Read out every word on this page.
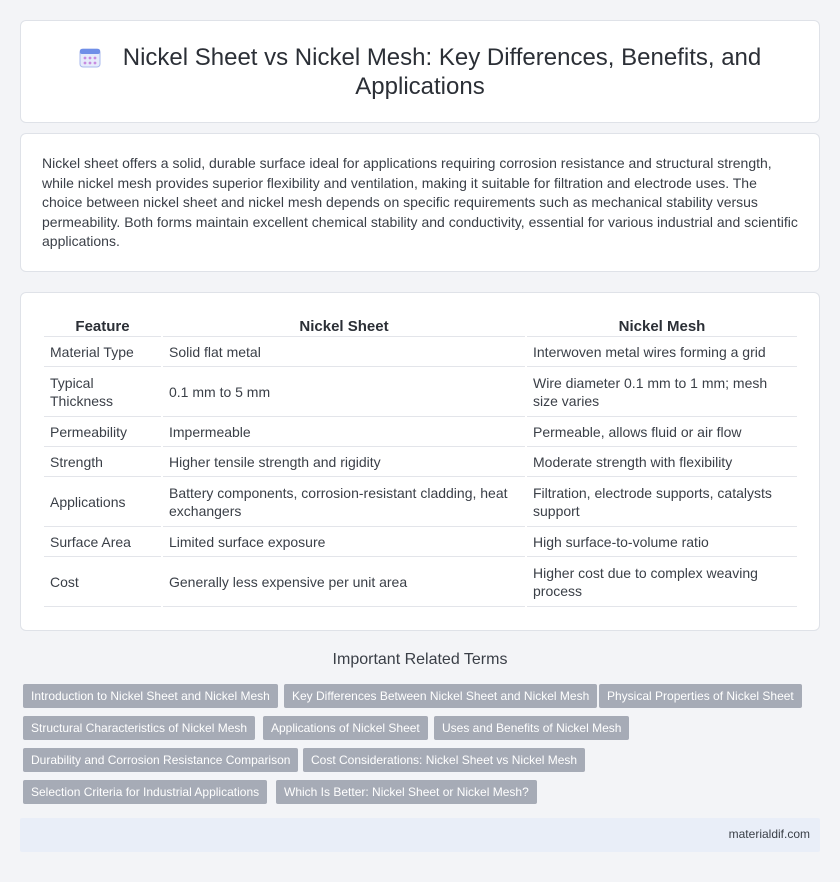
Nickel Sheet vs Nickel Mesh: Key Differences, Benefits, and Applications

Nickel sheet offers a solid, durable surface ideal for applications requiring corrosion resistance and structural strength, while nickel mesh provides superior flexibility and ventilation, making it suitable for filtration and electrode uses. The choice between nickel sheet and nickel mesh depends on specific requirements such as mechanical stability versus permeability. Both forms maintain excellent chemical stability and conductivity, essential for various industrial and scientific applications.

Feature	Nickel Sheet	Nickel Mesh
Material Type	Solid flat metal	Interwoven metal wires forming a grid
Typical Thickness	0.1 mm to 5 mm	Wire diameter 0.1 mm to 1 mm; mesh size varies
Permeability	Impermeable	Permeable, allows fluid or air flow
Strength	Higher tensile strength and rigidity	Moderate strength with flexibility
Applications	Battery components, corrosion-resistant cladding, heat exchangers	Filtration, electrode supports, catalysts support
Surface Area	Limited surface exposure	High surface-to-volume ratio
Cost	Generally less expensive per unit area	Higher cost due to complex weaving process
Important Related Terms
Introduction to Nickel Sheet and Nickel Mesh	Key Differences Between Nickel Sheet and Nickel Mesh	Physical Properties of Nickel Sheet
Structural Characteristics of Nickel Mesh	Applications of Nickel Sheet	Uses and Benefits of Nickel Mesh
Durability and Corrosion Resistance Comparison	Cost Considerations: Nickel Sheet vs Nickel Mesh
Selection Criteria for Industrial Applications	Which Is Better: Nickel Sheet or Nickel Mesh?
materialdif.com
